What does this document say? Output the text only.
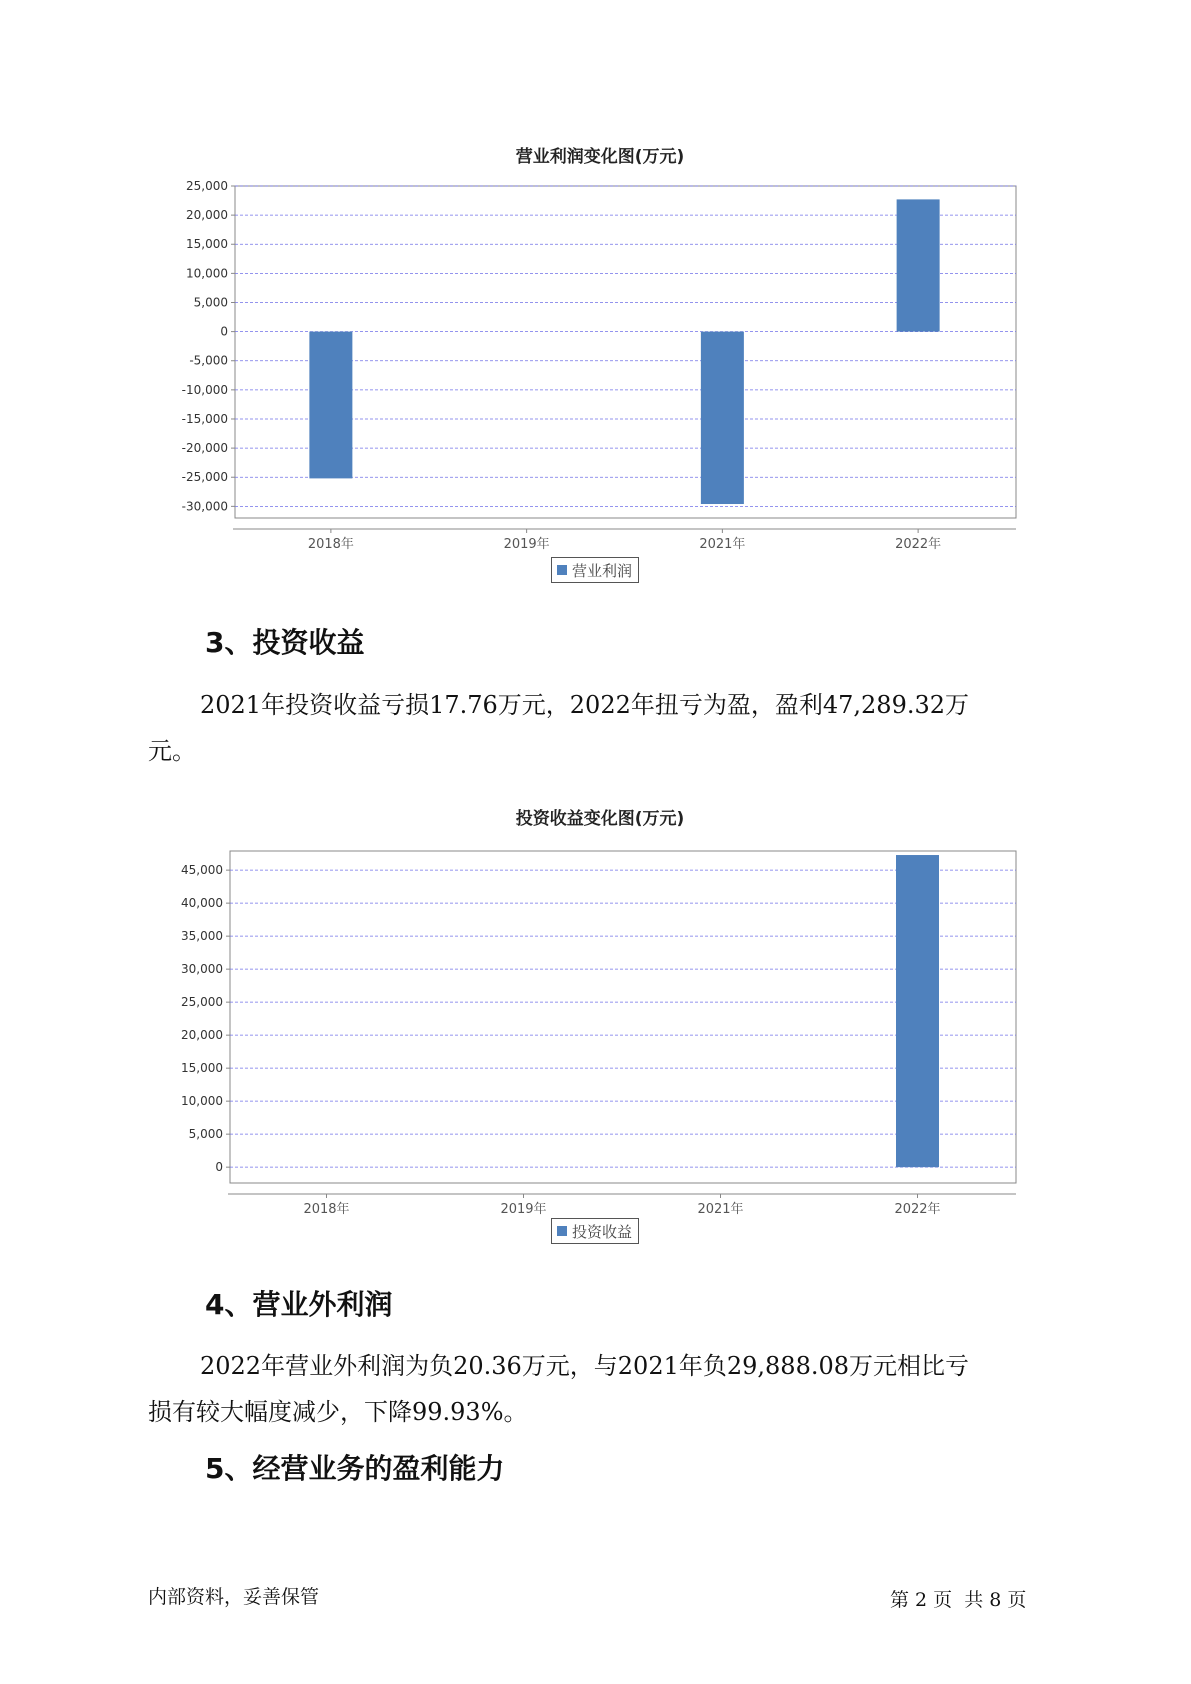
营业利润变化图(万元)
25,000
20,000
15,000
10,000
5,000
0
-5,000
-10,000
-15,000
-20,000
-25,000
-30,000
2018年	2019年	2021年	2022年
营业利润
3、投资收益

2021年投资收益亏损17.76万元，2022年扭亏为盈，盈利47,289.32万
元。

投资收益变化图(万元)
45,000
40,000
35,000
30,000
25,000
20,000
15,000
10,000
5,000
0
2018年	2019年	2021年	2022年
投资收益
4、营业外利润

2022年营业外利润为负20.36万元，与2021年负29,888.08万元相比亏
损有较大幅度减少，下降99.93%。

5、经营业务的盈利能力
内部资料，妥善保管	第 2 页  共 8 页
